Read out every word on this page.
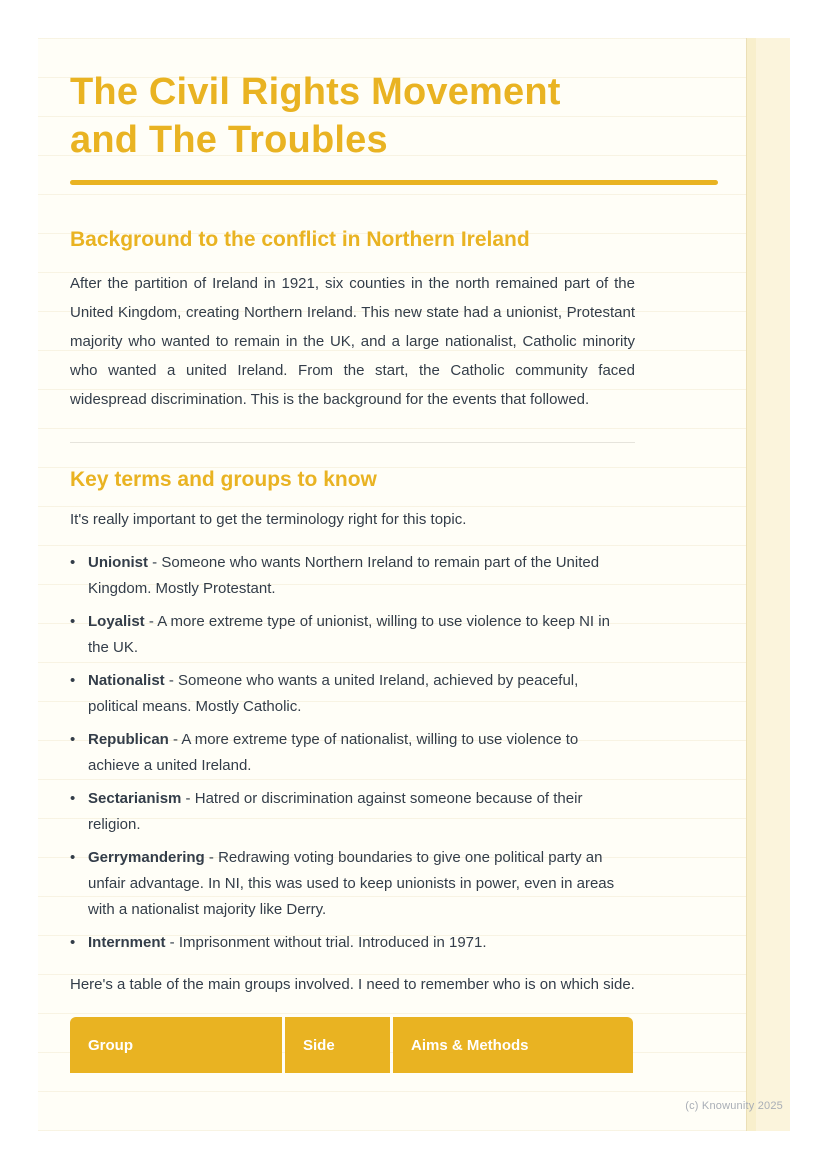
The Civil Rights Movement
and The Troubles
Background to the conflict in Northern Ireland

After the partition of Ireland in 1921, six counties in the north remained part of the United Kingdom, creating Northern Ireland. This new state had a unionist, Protestant majority who wanted to remain in the UK, and a large nationalist, Catholic minority who wanted a united Ireland. From the start, the Catholic community faced widespread discrimination. This is the background for the events that followed.

Key terms and groups to know

It's really important to get the terminology right for this topic.

• Unionist - Someone who wants Northern Ireland to remain part of the United Kingdom. Mostly Protestant.
• Loyalist - A more extreme type of unionist, willing to use violence to keep NI in the UK.
• Nationalist - Someone who wants a united Ireland, achieved by peaceful, political means. Mostly Catholic.
• Republican - A more extreme type of nationalist, willing to use violence to achieve a united Ireland.
• Sectarianism - Hatred or discrimination against someone because of their religion.
• Gerrymandering - Redrawing voting boundaries to give one political party an unfair advantage. In NI, this was used to keep unionists in power, even in areas with a nationalist majority like Derry.
• Internment - Imprisonment without trial. Introduced in 1971.

Here's a table of the main groups involved. I need to remember who is on which side.

Group	Side	Aims & Methods
(c) Knowunity 2025
